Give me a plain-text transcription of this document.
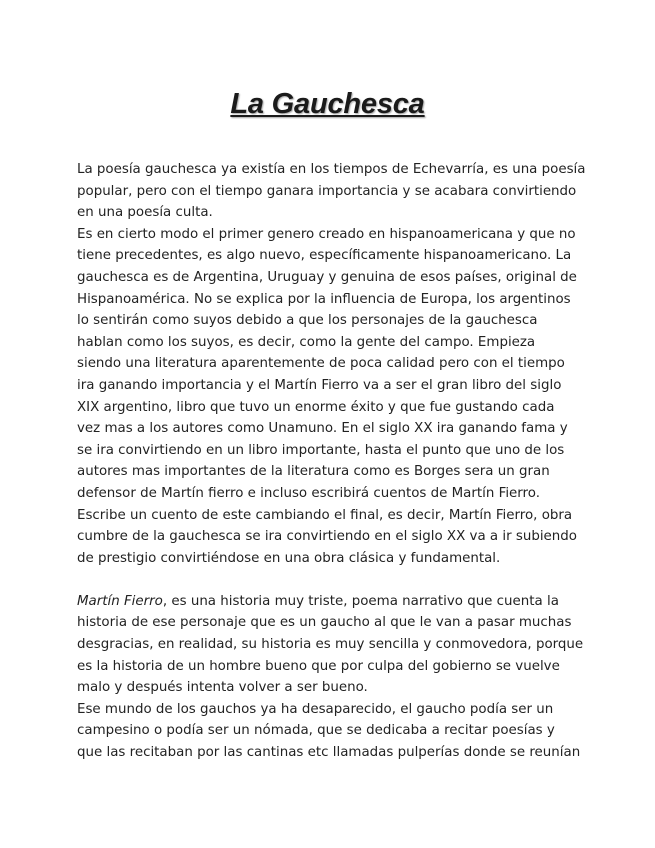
La Gauchesca
La poesía gauchesca ya existía en los tiempos de Echevarría, es una poesía
popular, pero con el tiempo ganara importancia y se acabara convirtiendo
en una poesía culta.
Es en cierto modo el primer genero creado en hispanoamericana y que no
tiene precedentes, es algo nuevo, específicamente hispanoamericano. La
gauchesca es de Argentina, Uruguay y genuina de esos países, original de
Hispanoamérica. No se explica por la influencia de Europa, los argentinos
lo sentirán como suyos debido a que los personajes de la gauchesca
hablan como los suyos, es decir, como la gente del campo. Empieza
siendo una literatura aparentemente de poca calidad pero con el tiempo
ira ganando importancia y el Martín Fierro va a ser el gran libro del siglo
XIX argentino, libro que tuvo un enorme éxito y que fue gustando cada
vez mas a los autores como Unamuno. En el siglo XX ira ganando fama y
se ira convirtiendo en un libro importante, hasta el punto que uno de los
autores mas importantes de la literatura como es Borges sera un gran
defensor de Martín fierro e incluso escribirá cuentos de Martín Fierro.
Escribe un cuento de este cambiando el final, es decir, Martín Fierro, obra
cumbre de la gauchesca se ira convirtiendo en el siglo XX va a ir subiendo
de prestigio convirtiéndose en una obra clásica y fundamental.
Martín Fierro, es una historia muy triste, poema narrativo que cuenta la
historia de ese personaje que es un gaucho al que le van a pasar muchas
desgracias, en realidad, su historia es muy sencilla y conmovedora, porque
es la historia de un hombre bueno que por culpa del gobierno se vuelve
malo y después intenta volver a ser bueno.
Ese mundo de los gauchos ya ha desaparecido, el gaucho podía ser un
campesino o podía ser un nómada, que se dedicaba a recitar poesías y
que las recitaban por las cantinas etc llamadas pulperías donde se reunían
